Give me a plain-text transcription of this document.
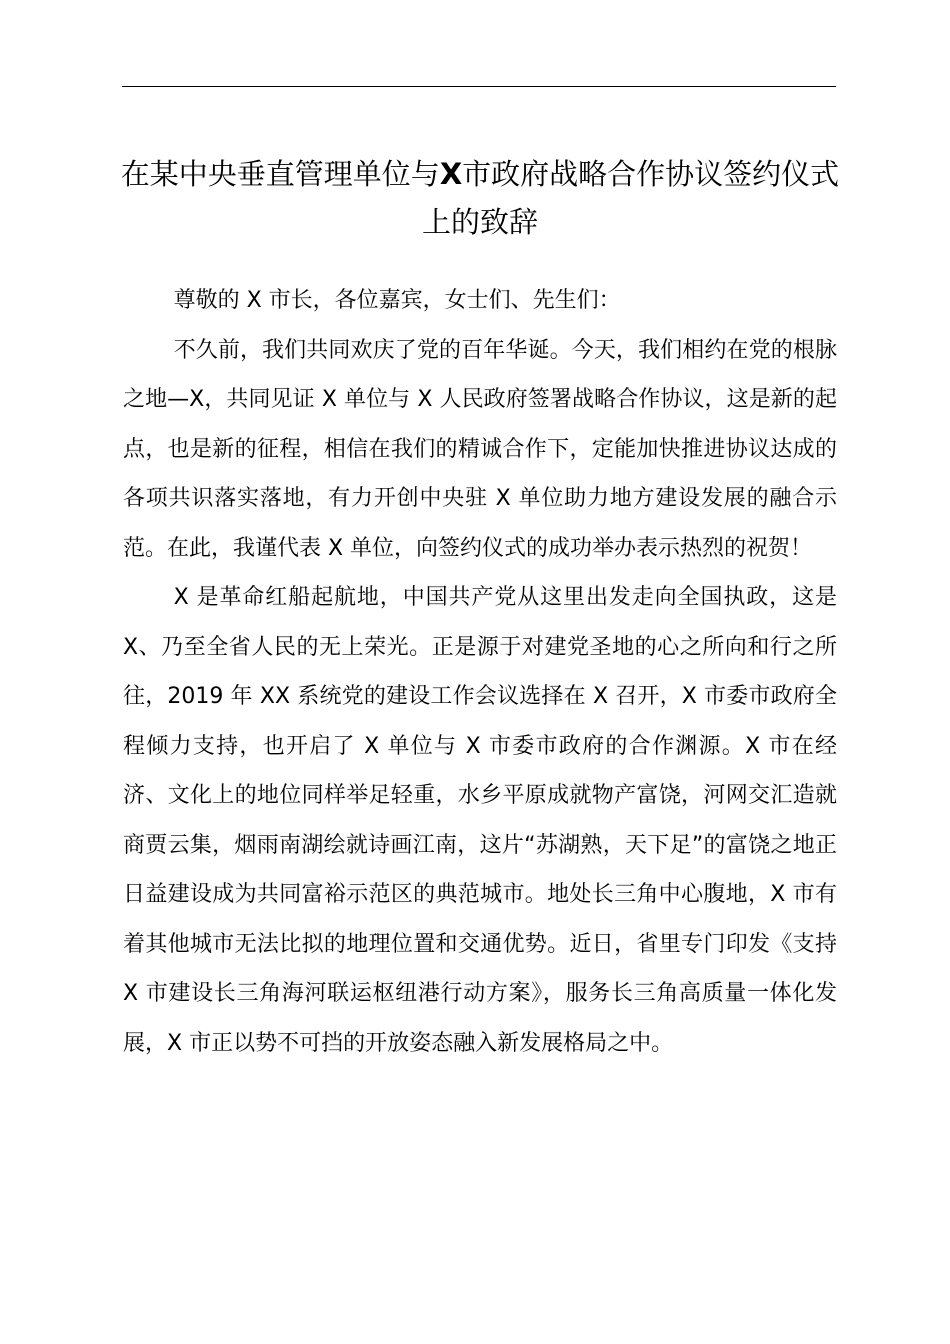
在某中央垂直管理单位与X市政府战略合作协议签约仪式上的致辞

尊敬的 X 市长，各位嘉宾，女士们、先生们：

不久前，我们共同欢庆了党的百年华诞。今天，我们相约在党的根脉之地—X，共同见证 X 单位与 X 人民政府签署战略合作协议，这是新的起点，也是新的征程，相信在我们的精诚合作下，定能加快推进协议达成的各项共识落实落地，有力开创中央驻 X 单位助力地方建设发展的融合示范。在此，我谨代表 X 单位，向签约仪式的成功举办表示热烈的祝贺！

X 是革命红船起航地，中国共产党从这里出发走向全国执政，这是 X、乃至全省人民的无上荣光。正是源于对建党圣地的心之所向和行之所往，2019 年 XX 系统党的建设工作会议选择在 X 召开，X 市委市政府全程倾力支持，也开启了 X 单位与 X 市委市政府的合作渊源。X 市在经济、文化上的地位同样举足轻重，水乡平原成就物产富饶，河网交汇造就商贾云集，烟雨南湖绘就诗画江南，这片“苏湖熟，天下足”的富饶之地正日益建设成为共同富裕示范区的典范城市。地处长三角中心腹地，X 市有着其他城市无法比拟的地理位置和交通优势。近日，省里专门印发《支持 X 市建设长三角海河联运枢纽港行动方案》，服务长三角高质量一体化发展，X 市正以势不可挡的开放姿态融入新发展格局之中。
